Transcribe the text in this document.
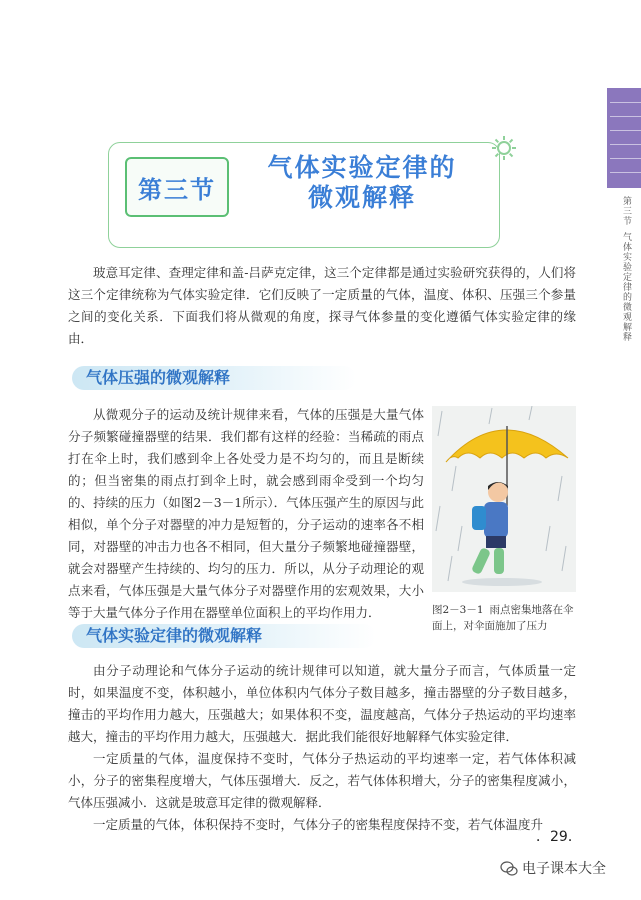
第三节气体实验定律的微观解释
第三节
气体实验定律的
微观解释

玻意耳定律、查理定律和盖-吕萨克定律，这三个定律都是通过实验研究获得的，人们将这三个定律统称为气体实验定律．它们反映了一定质量的气体，温度、体积、压强三个参量之间的变化关系．下面我们将从微观的角度，探寻气体参量的变化遵循气体实验定律的缘由．

气体压强的微观解释

从微观分子的运动及统计规律来看，气体的压强是大量气体分子频繁碰撞器壁的结果．我们都有这样的经验：当稀疏的雨点打在伞上时，我们感到伞上各处受力是不均匀的，而且是断续的；但当密集的雨点打到伞上时，就会感到雨伞受到一个均匀的、持续的压力（如图2－3－1所示）．气体压强产生的原因与此相似，单个分子对器壁的冲力是短暂的，分子运动的速率各不相同，对器壁的冲击力也各不相同，但大量分子频繁地碰撞器壁，就会对器壁产生持续的、均匀的压力．所以，从分子动理论的观点来看，气体压强是大量气体分子对器壁作用的宏观效果，大小等于大量气体分子作用在器壁单位面积上的平均作用力．	图2－3－1 雨点密集地落在伞面上，对伞面施加了压力
气体实验定律的微观解释

由分子动理论和气体分子运动的统计规律可以知道，就大量分子而言，气体质量一定时，如果温度不变，体积越小，单位体积内气体分子数目越多，撞击器壁的分子数目越多，撞击的平均作用力越大，压强越大；如果体积不变，温度越高，气体分子热运动的平均速率越大，撞击的平均作用力越大，压强越大．据此我们能很好地解释气体实验定律．

一定质量的气体，温度保持不变时，气体分子热运动的平均速率一定，若气体体积减小，分子的密集程度增大，气体压强增大．反之，若气体体积增大，分子的密集程度减小，气体压强减小．这就是玻意耳定律的微观解释．

一定质量的气体，体积保持不变时，气体分子的密集程度保持不变，若气体温度升

．29．
电子课本大全
